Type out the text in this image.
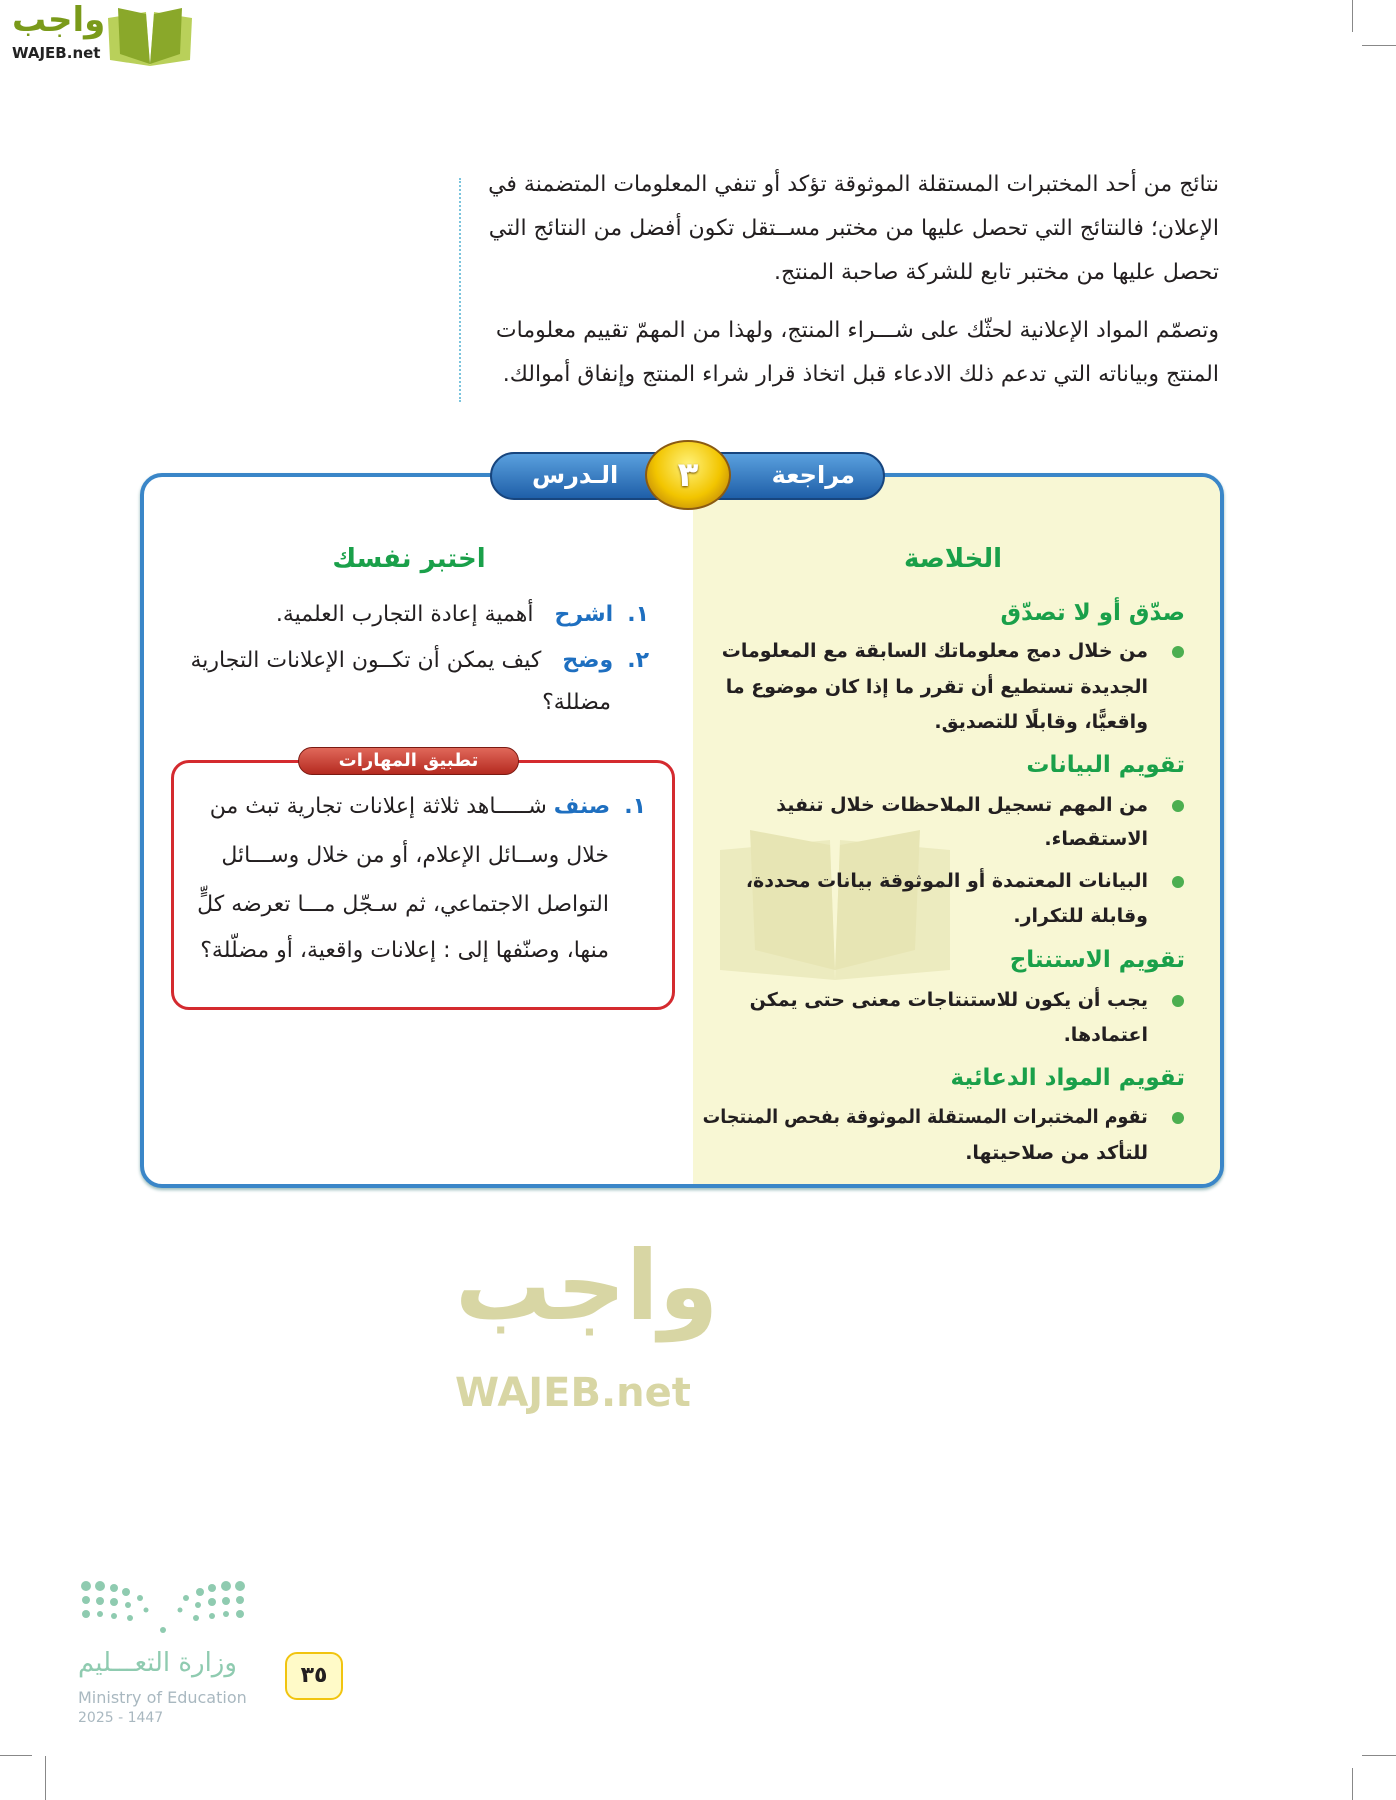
واجب
WAJEB.net
نتائج من أحد المختبرات المستقلة الموثوقة تؤكد أو تنفي المعلومات المتضمنة في
الإعلان؛ فالنتائج التي تحصل عليها من مختبر مســتقل تكون أفضل من النتائج التي
تحصل عليها من مختبر تابع للشركة صاحبة المنتج.
وتصمّم المواد الإعلانية لحثّك على شـــراء المنتج، ولهذا من المهمّ تقييم معلومات
المنتج وبياناته التي تدعم ذلك الادعاء قبل اتخاذ قرار شراء المنتج وإنفاق أموالك.
واجب
WAJEB.net
مراجعة
الـدرس	٣
الخلاصة
صدّق أو لا تصدّق
من خلال دمج معلوماتك السابقة مع المعلومات
الجديدة تستطيع أن تقرر ما إذا كان موضوع ما
واقعيًّا، وقابلًا للتصديق.
تقويم البيانات
من المهم تسجيل الملاحظات خلال تنفيذ
الاستقصاء.
البيانات المعتمدة أو الموثوقة بيانات محددة،
وقابلة للتكرار.
تقويم الاستنتاج
يجب أن يكون للاستنتاجات معنى حتى يمكن
اعتمادها.
تقويم المواد الدعائية
تقوم المختبرات المستقلة الموثوقة بفحص المنتجات
للتأكد من صلاحيتها.
اختبر نفسك
١.  اشرح   أهمية إعادة التجارب العلمية.
٢.  وضح   كيف يمكن أن تكــون الإعلانات التجارية
مضللة؟
تطبيق المهارات
١.  صنف شـــــاهد ثلاثة إعلانات تجارية تبث من
خلال وســائل الإعلام، أو من خلال وســـائل
التواصل الاجتماعي، ثم سـجّل مـــا تعرضه كلٍّ
منها، وصنّفها إلى : إعلانات واقعية، أو مضلّلة؟
وزارة التعـــليم
Ministry of Education
2025 - 1447
٣٥
